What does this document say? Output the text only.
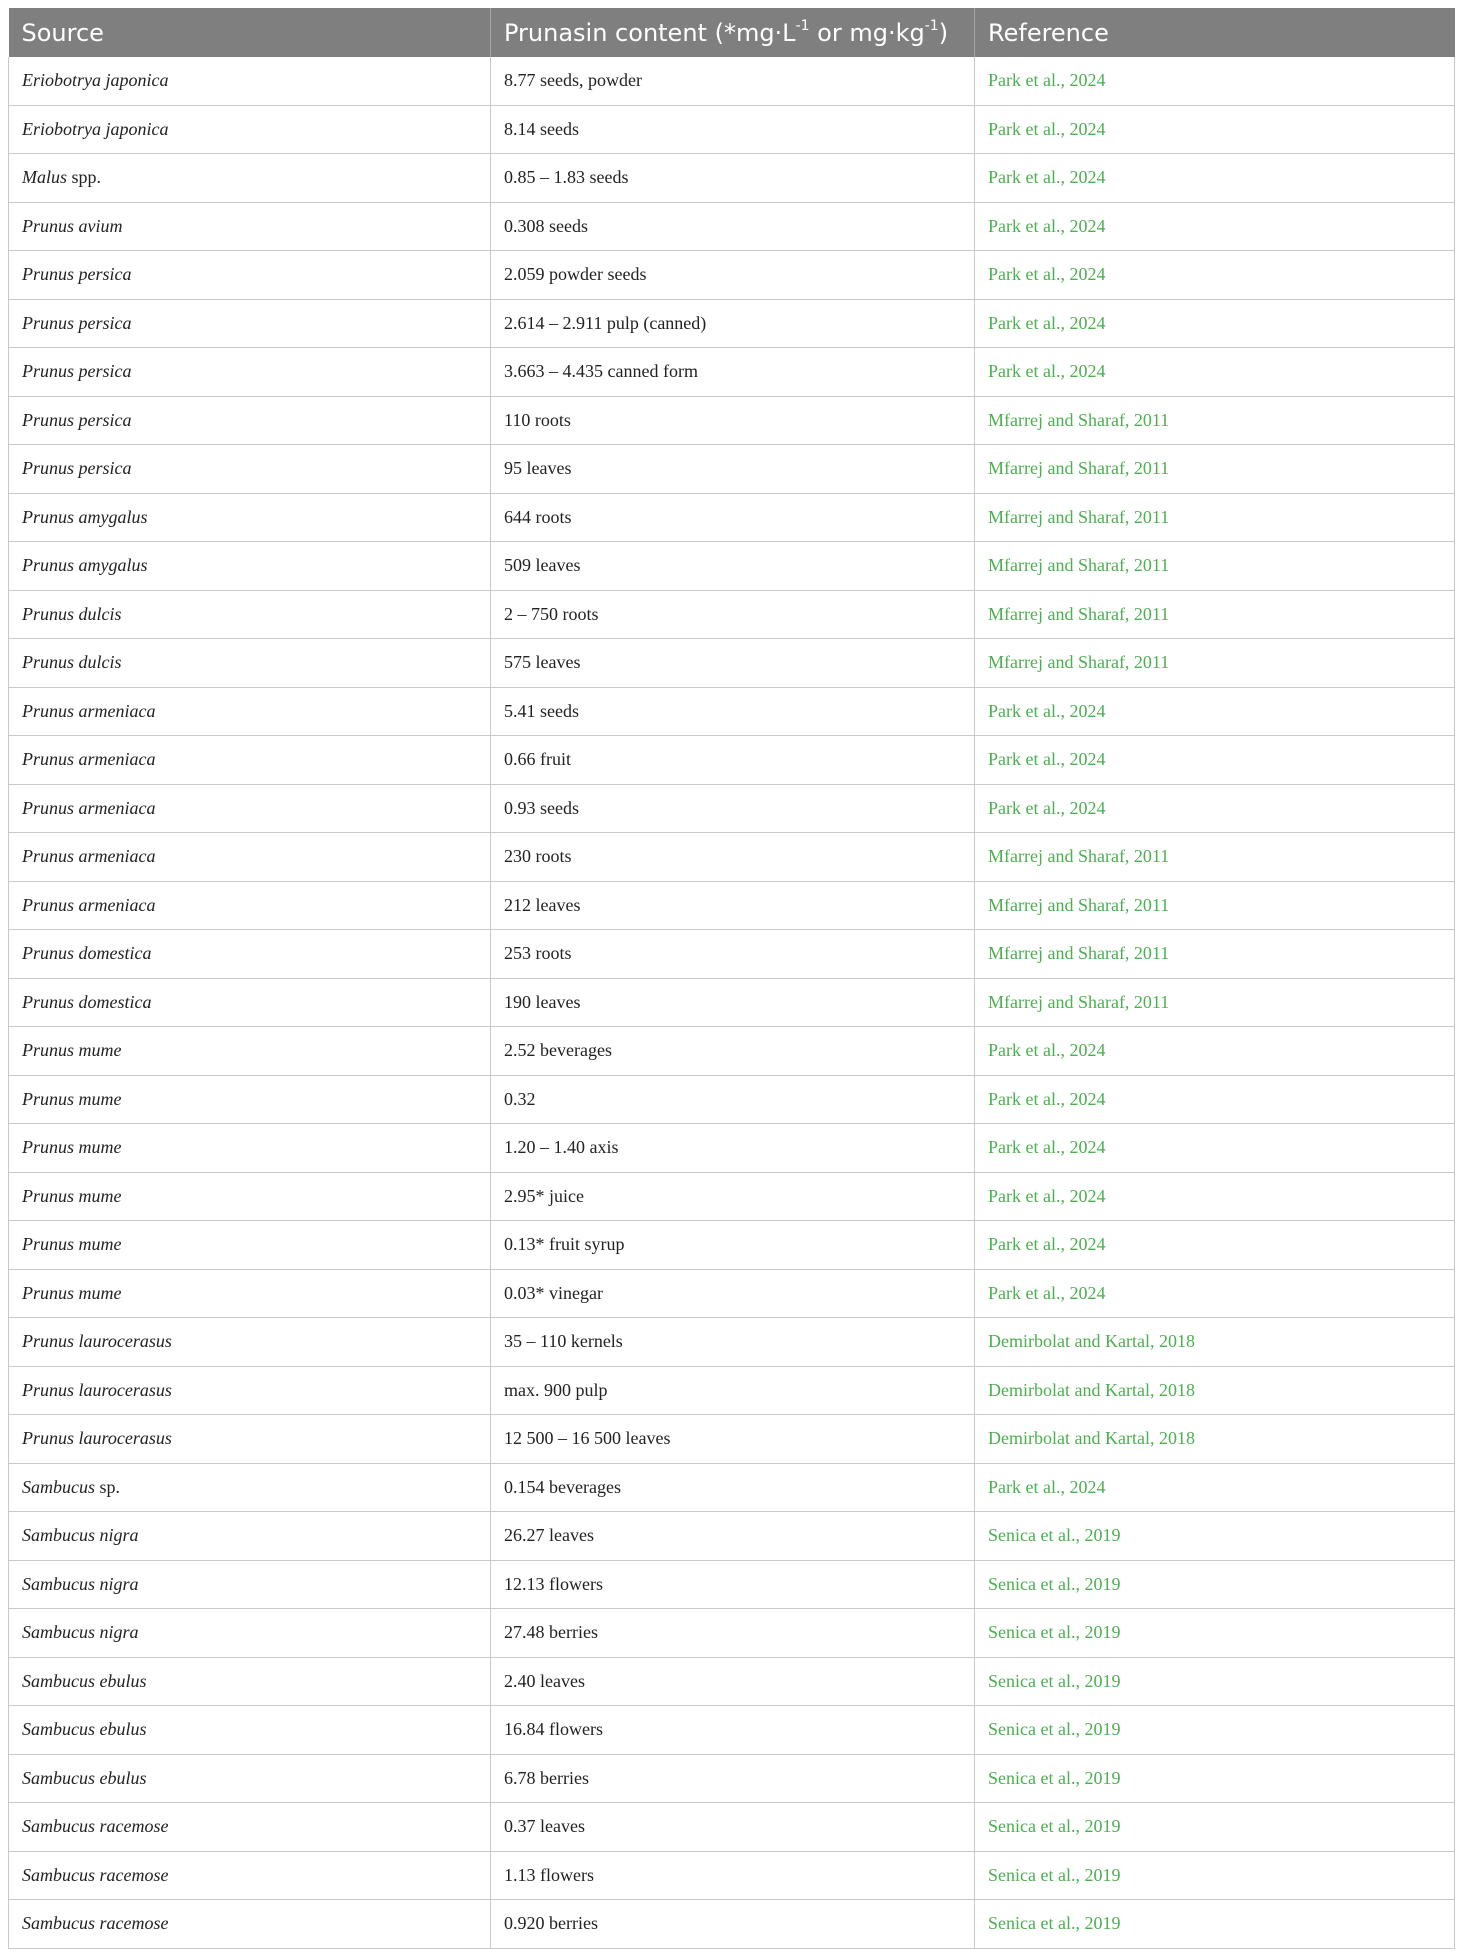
Source	Prunasin content ($*mg\cdot L^{-1}$ or $mg\cdot kg^{-1}$)	Reference
Eriobotrya japonica	8.77 seeds, powder	Park et al., 2024
Eriobotrya japonica	8.14 seeds	Park et al., 2024
Malus spp.	0.85 – 1.83 seeds	Park et al., 2024
Prunus avium	0.308 seeds	Park et al., 2024
Prunus persica	2.059 powder seeds	Park et al., 2024
Prunus persica	2.614 – 2.911 pulp (canned)	Park et al., 2024
Prunus persica	3.663 – 4.435 canned form	Park et al., 2024
Prunus persica	110 roots	Mfarrej and Sharaf, 2011
Prunus persica	95 leaves	Mfarrej and Sharaf, 2011
Prunus amygalus	644 roots	Mfarrej and Sharaf, 2011
Prunus amygalus	509 leaves	Mfarrej and Sharaf, 2011
Prunus dulcis	2 – 750 roots	Mfarrej and Sharaf, 2011
Prunus dulcis	575 leaves	Mfarrej and Sharaf, 2011
Prunus armeniaca	5.41 seeds	Park et al., 2024
Prunus armeniaca	0.66 fruit	Park et al., 2024
Prunus armeniaca	0.93 seeds	Park et al., 2024
Prunus armeniaca	230 roots	Mfarrej and Sharaf, 2011
Prunus armeniaca	212 leaves	Mfarrej and Sharaf, 2011
Prunus domestica	253 roots	Mfarrej and Sharaf, 2011
Prunus domestica	190 leaves	Mfarrej and Sharaf, 2011
Prunus mume	2.52 beverages	Park et al., 2024
Prunus mume	0.32	Park et al., 2024
Prunus mume	1.20 – 1.40 axis	Park et al., 2024
Prunus mume	2.95* juice	Park et al., 2024
Prunus mume	0.13* fruit syrup	Park et al., 2024
Prunus mume	0.03* vinegar	Park et al., 2024
Prunus laurocerasus	35 – 110 kernels	Demirbolat and Kartal, 2018
Prunus laurocerasus	max. 900 pulp	Demirbolat and Kartal, 2018
Prunus laurocerasus	12 500 – 16 500 leaves	Demirbolat and Kartal, 2018
Sambucus sp.	0.154 beverages	Park et al., 2024
Sambucus nigra	26.27 leaves	Senica et al., 2019
Sambucus nigra	12.13 flowers	Senica et al., 2019
Sambucus nigra	27.48 berries	Senica et al., 2019
Sambucus ebulus	2.40 leaves	Senica et al., 2019
Sambucus ebulus	16.84 flowers	Senica et al., 2019
Sambucus ebulus	6.78 berries	Senica et al., 2019
Sambucus racemose	0.37 leaves	Senica et al., 2019
Sambucus racemose	1.13 flowers	Senica et al., 2019
Sambucus racemose	0.920 berries	Senica et al., 2019
